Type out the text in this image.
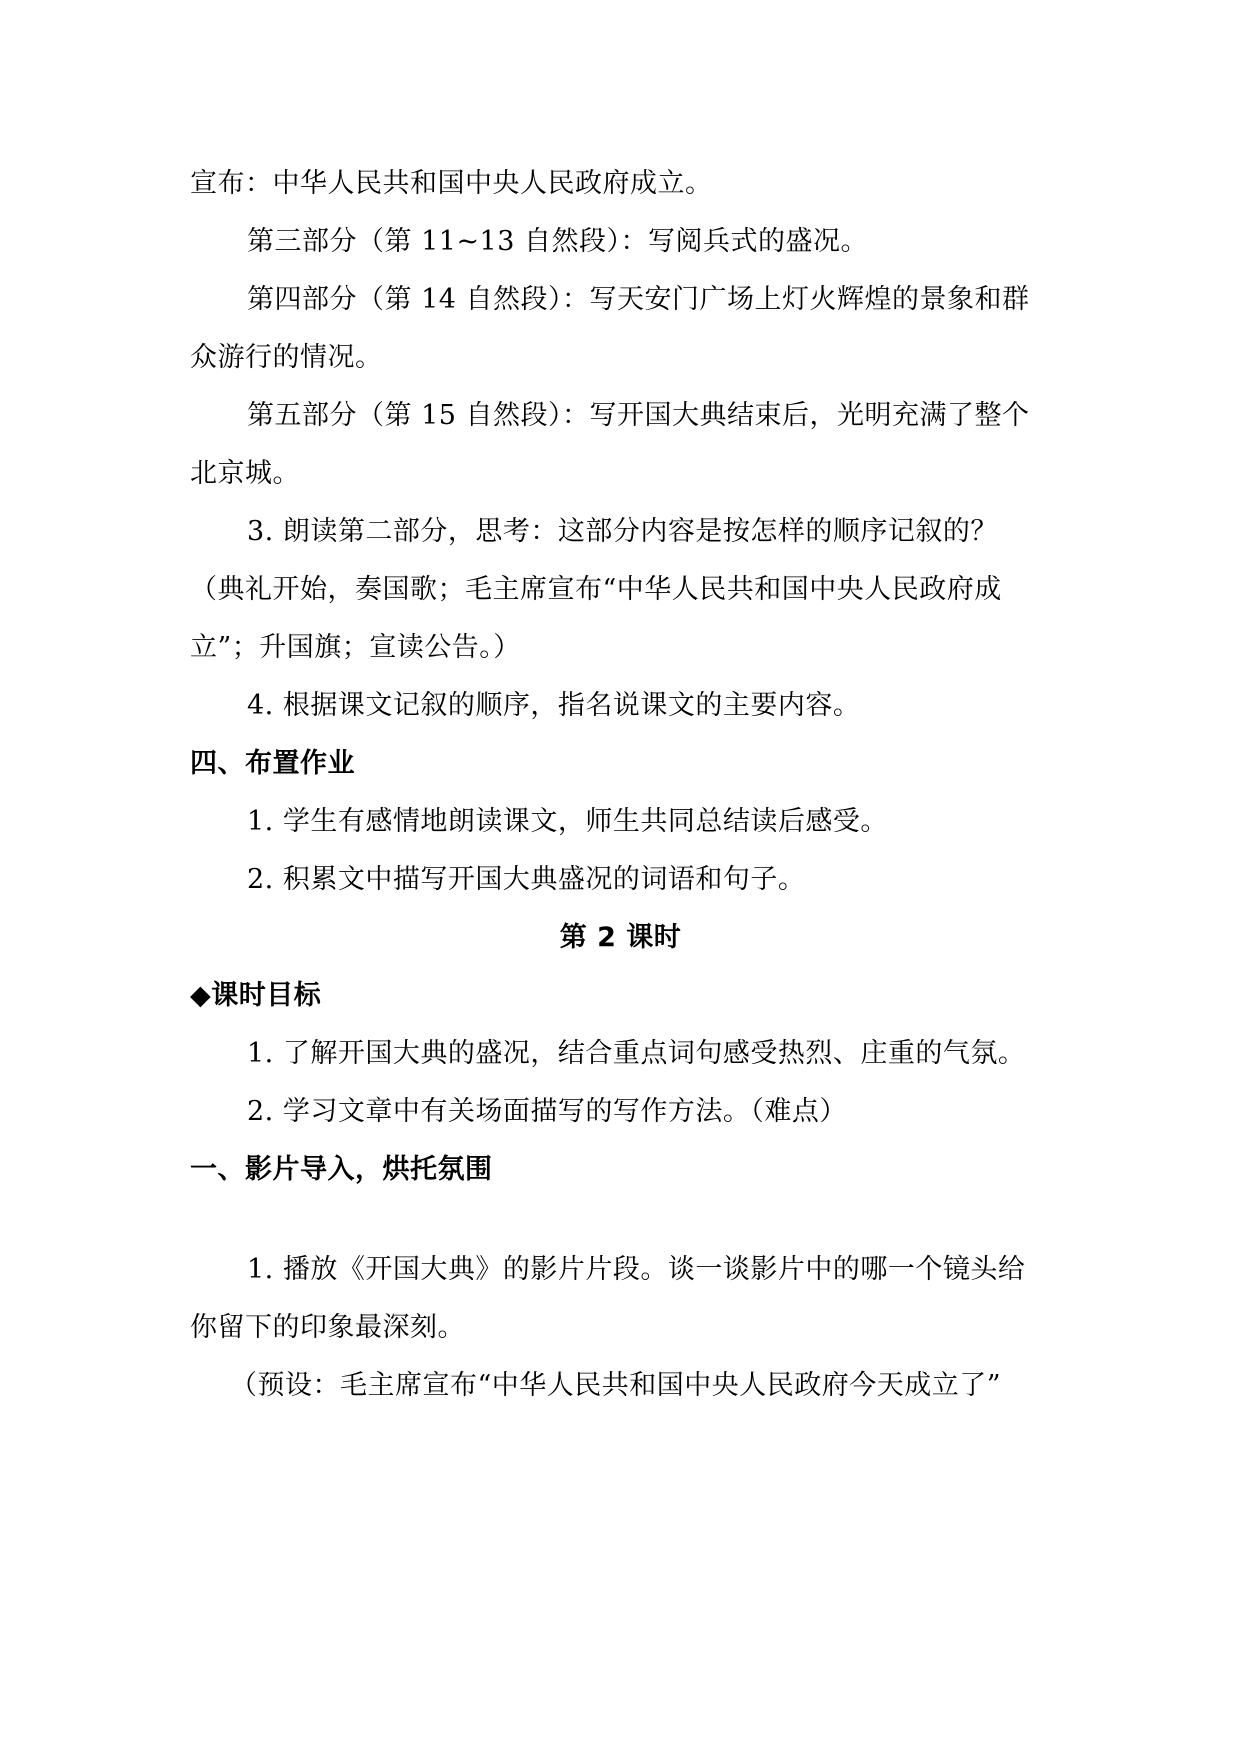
宣布：中华人民共和国中央人民政府成立。
第三部分（第 11~13 自然段）：写阅兵式的盛况。
第四部分（第 14 自然段）：写天安门广场上灯火辉煌的景象和群
众游行的情况。
第五部分（第 15 自然段）：写开国大典结束后，光明充满了整个
北京城。
3. 朗读第二部分，思考：这部分内容是按怎样的顺序记叙的？
（典礼开始，奏国歌；毛主席宣布“中华人民共和国中央人民政府成
立”；升国旗；宣读公告。）
4. 根据课文记叙的顺序，指名说课文的主要内容。
四、布置作业
1. 学生有感情地朗读课文，师生共同总结读后感受。
2. 积累文中描写开国大典盛况的词语和句子。
第 2 课时
◆课时目标
1. 了解开国大典的盛况，结合重点词句感受热烈、庄重的气氛。
2. 学习文章中有关场面描写的写作方法。（难点）
一、影片导入，烘托氛围
1. 播放《开国大典》的影片片段。谈一谈影片中的哪一个镜头给
你留下的印象最深刻。
（预设：毛主席宣布“中华人民共和国中央人民政府今天成立了”
